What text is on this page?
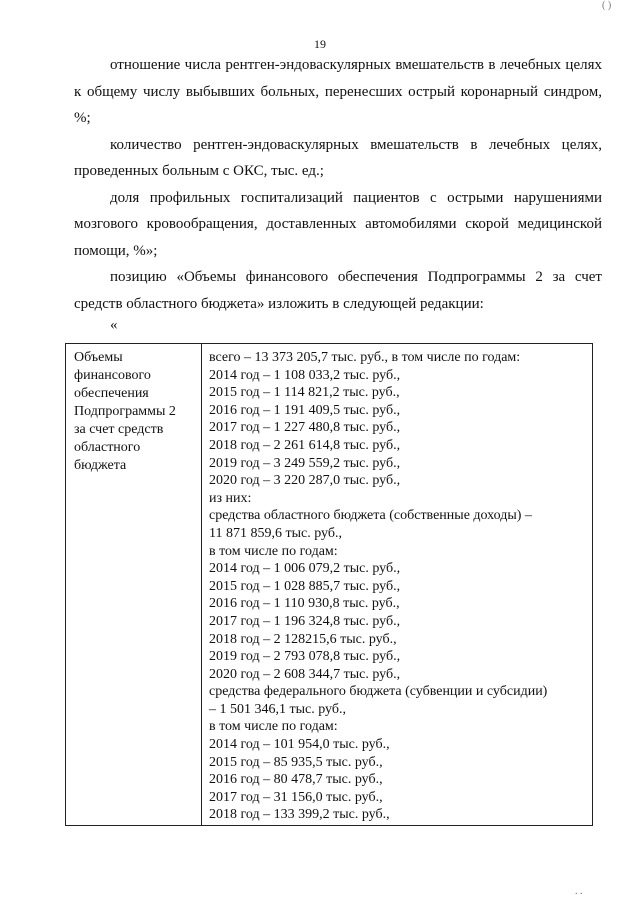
( )
19

отношение числа рентген-эндоваскулярных вмешательств в лечебных целях к общему числу выбывших больных, перенесших острый коронарный синдром, %;

количество рентген-эндоваскулярных вмешательств в лечебных целях, проведенных больным с ОКС, тыс. ед.;

доля профильных госпитализаций пациентов с острыми нарушениями мозгового кровообращения, доставленных автомобилями скорой медицинской помощи, %»;

позицию «Объемы финансового обеспечения Подпрограммы 2 за счет средств областного бюджета» изложить в следующей редакции:

«
Объемы
финансового
обеспечения
Подпрограммы 2
за счет средств
областного
бюджета
всего – 13 373 205,7 тыс. руб., в том числе по годам:
2014 год – 1 108 033,2 тыс. руб.,
2015 год – 1 114 821,2 тыс. руб.,
2016 год – 1 191 409,5 тыс. руб.,
2017 год – 1 227 480,8 тыс. руб.,
2018 год – 2 261 614,8 тыс. руб.,
2019 год – 3 249 559,2 тыс. руб.,
2020 год – 3 220 287,0 тыс. руб.,
из них:
средства областного бюджета (собственные доходы) –
11 871 859,6 тыс. руб.,
в том числе по годам:
2014 год – 1 006 079,2 тыс. руб.,
2015 год – 1 028 885,7 тыс. руб.,
2016 год – 1 110 930,8 тыс. руб.,
2017 год – 1 196 324,8 тыс. руб.,
2018 год – 2 128215,6 тыс. руб.,
2019 год – 2 793 078,8 тыс. руб.,
2020 год – 2 608 344,7 тыс. руб.,
средства федерального бюджета (субвенции и субсидии)
– 1 501 346,1 тыс. руб.,
в том числе по годам:
2014 год – 101 954,0 тыс. руб.,
2015 год – 85 935,5 тыс. руб.,
2016 год – 80 478,7 тыс. руб.,
2017 год – 31 156,0 тыс. руб.,
2018 год – 133 399,2 тыс. руб.,
. .
